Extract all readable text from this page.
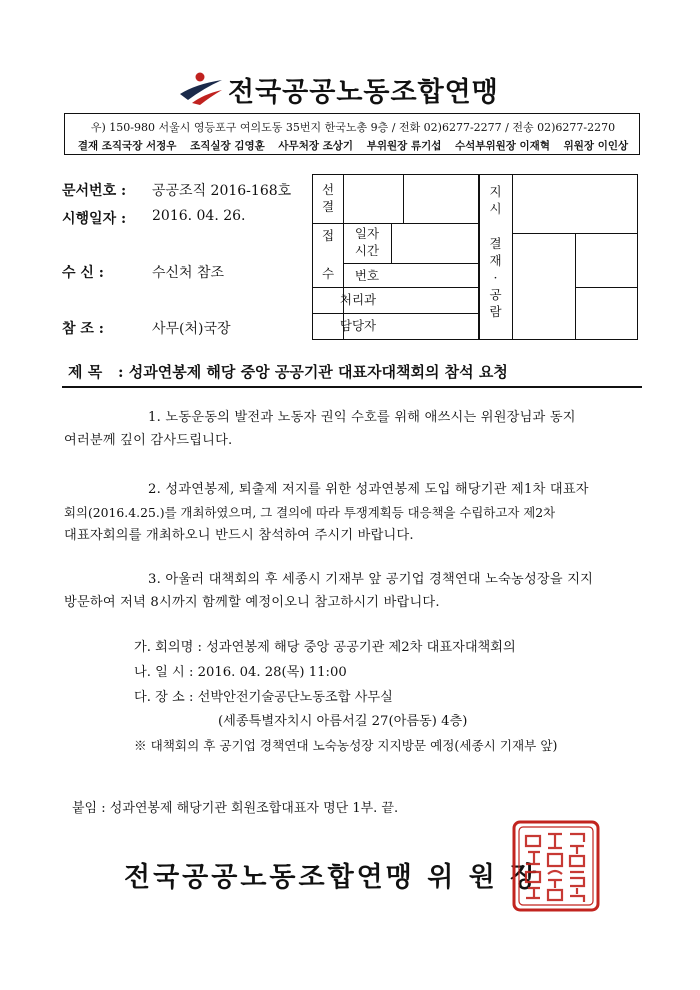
전국공공노동조합연맹
우) 150-980 서울시 영등포구 여의도동 35번지 한국노총 9층 / 전화 02)6277-2277 / 전송 02)6277-2270
결재 조직국장 서정우 조직실장 김영훈 사무처장 조상기 부위원장 류기섭 수석부위원장 이재혁 위원장 이인상
문서번호 : 공공조직 2016-168호
시행일자 : 2016. 04. 26.
수 신 :	수신처 참조
참 조 :	사무(처)국장
선
결
접
수
일자
시간
번호
처리과
담당자
지
시
결
재
·
공
람
제 목 : 성과연봉제 해당 중앙 공공기관 대표자대책회의 참석 요청

1. 노동운동의 발전과 노동자 권익 수호를 위해 애쓰시는 위원장님과 동지

여러분께 깊이 감사드립니다.

2. 성과연봉제, 퇴출제 저지를 위한 성과연봉제 도입 해당기관 제1차 대표자

회의(2016.4.25.)를 개최하였으며, 그 결의에 따라 투쟁계획등 대응책을 수립하고자 제2차

대표자회의를 개최하오니 반드시 참석하여 주시기 바랍니다.

3. 아울러 대책회의 후 세종시 기재부 앞 공기업 경책연대 노숙농성장을 지지

방문하여 저녁 8시까지 함께할 예정이오니 참고하시기 바랍니다.

가. 회의명 : 성과연봉제 해당 중앙 공공기관 제2차 대표자대책회의
나. 일 시 : 2016. 04. 28(목) 11:00
다. 장 소 : 선박안전기술공단노동조합 사무실
(세종특별자치시 아름서길 27(아름동) 4층)
※ 대책회의 후 공기업 경책연대 노숙농성장 지지방문 예정(세종시 기재부 앞)
붙임 : 성과연봉제 해당기관 회원조합대표자 명단 1부. 끝.
전국공공노동조합연맹 위 원 장
